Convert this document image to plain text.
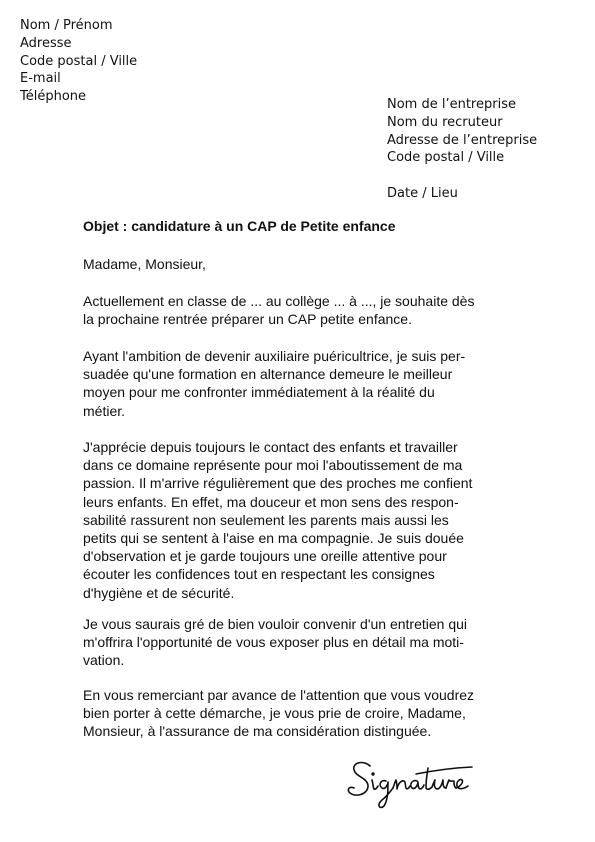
Nom / Prénom
Adresse
Code postal / Ville
E-mail
Téléphone
Nom de l’entreprise
Nom du recruteur
Adresse de l’entreprise
Code postal / Ville
Date / Lieu

Objet : candidature à un CAP de Petite enfance

Madame, Monsieur,

Actuellement en classe de ... au collège ... à ..., je souhaite dès
la prochaine rentrée préparer un CAP petite enfance.
Ayant l'ambition de devenir auxiliaire puéricultrice, je suis per-
suadée qu'une formation en alternance demeure le meilleur
moyen pour me confronter immédiatement à la réalité du
métier.
J'apprécie depuis toujours le contact des enfants et travailler
dans ce domaine représente pour moi l'aboutissement de ma
passion. Il m'arrive régulièrement que des proches me confient
leurs enfants. En effet, ma douceur et mon sens des respon-
sabilité rassurent non seulement les parents mais aussi les
petits qui se sentent à l'aise en ma compagnie. Je suis douée
d'observation et je garde toujours une oreille attentive pour
écouter les confidences tout en respectant les consignes
d'hygiène et de sécurité.
Je vous saurais gré de bien vouloir convenir d'un entretien qui
m'offrira l'opportunité de vous exposer plus en détail ma moti-
vation.
En vous remerciant par avance de l'attention que vous voudrez
bien porter à cette démarche, je vous prie de croire, Madame,
Monsieur, à l'assurance de ma considération distinguée.
